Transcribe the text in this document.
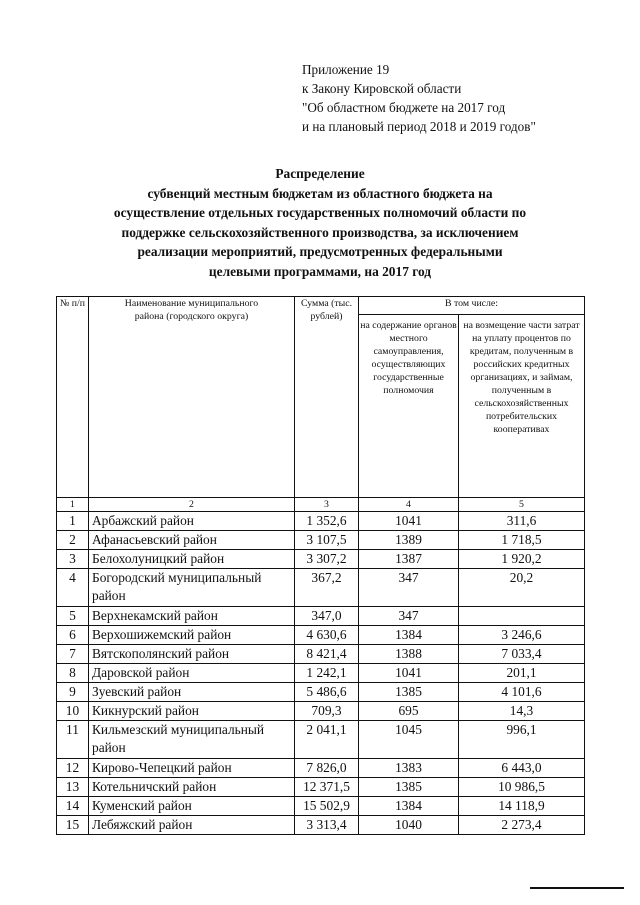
Приложение 19
к Закону Кировской области
"Об областном бюджете на 2017 год
и на плановый период 2018 и 2019 годов"
Распределение
субвенций местным бюджетам из областного бюджета на
осуществление отдельных государственных полномочий области по
поддержке сельскохозяйственного производства, за исключением
реализации мероприятий, предусмотренных федеральными
целевыми программами, на 2017 год
№ п/п	Наименование муниципального района (городского округа)	Сумма (тыс. рублей)	В том числе:	
			на содержание органов местного самоуправления, осуществляющих государственные полномочия	на возмещение части затрат на уплату процентов по кредитам, полученным в российских кредитных организациях, и займам, полученным в сельскохозяйственных потребительских кооперативах
1	2	3	4	5
1	Арбажский район	1 352,6	1041	311,6
2	Афанасьевский район	3 107,5	1389	1 718,5
3	Белохолуницкий район	3 307,2	1387	1 920,2
4	Богородский муниципальный район	367,2	347	20,2
5	Верхнекамский район	347,0	347	
6	Верхошижемский район	4 630,6	1384	3 246,6
7	Вятскополянский район	8 421,4	1388	7 033,4
8	Даровской район	1 242,1	1041	201,1
9	Зуевский район	5 486,6	1385	4 101,6
10	Кикнурский район	709,3	695	14,3
11	Кильмезский муниципальный район	2 041,1	1045	996,1
12	Кирово-Чепецкий район	7 826,0	1383	6 443,0
13	Котельничский район	12 371,5	1385	10 986,5
14	Куменский район	15 502,9	1384	14 118,9
15	Лебяжский район	3 313,4	1040	2 273,4
